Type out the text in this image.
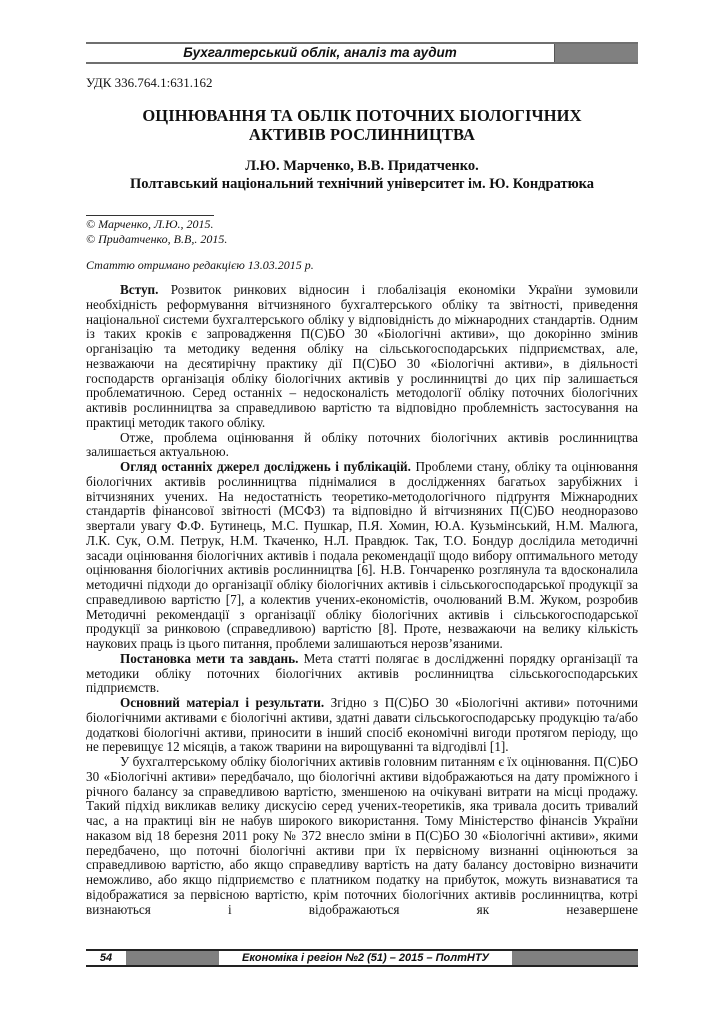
Бухгалтерський облік, аналіз та аудит
УДК 336.764.1:631.162
ОЦІНЮВАННЯ ТА ОБЛІК ПОТОЧНИХ БІОЛОГІЧНИХ
АКТИВІВ РОСЛИННИЦТВА
Л.Ю. Марченко, В.В. Придатченко.
Полтавський національний технічний університет ім. Ю. Кондратюка
© Марченко, Л.Ю., 2015.
© Придатченко, В.В,. 2015.
Статтю отримано редакцією 13.03.2015 р.

Вступ. Розвиток ринкових відносин і глобалізація економіки України зумовили необхідність реформування вітчизняного бухгалтерського обліку та звітності, приведення національної системи бухгалтерського обліку у відповідність до міжнародних стандартів. Одним із таких кроків є запровадження П(С)БО 30 «Біологічні активи», що докорінно змінив організацію та методику ведення обліку на сільськогосподарських підприємствах, але, незважаючи на десятирічну практику дії П(С)БО 30 «Біологічні активи», в діяльності господарств організація обліку біологічних активів у рослинництві до цих пір залишається проблематичною. Серед останніх – недосконалість методології обліку поточних біологічних активів рослинництва за справедливою вартістю та відповідно проблемність застосування на практиці методик такого обліку.

Отже, проблема оцінювання й обліку поточних біологічних активів рослинництва залишається актуальною.

Огляд останніх джерел досліджень і публікацій. Проблеми стану, обліку та оцінювання біологічних активів рослинництва піднімалися в дослідженнях багатьох зарубіжних і вітчизняних учених. На недостатність теоретико-методологічного підґрунтя Міжнародних стандартів фінансової звітності (МСФЗ) та відповідно й вітчизняних П(С)БО неодноразово звертали увагу Ф.Ф. Бутинець, М.С. Пушкар, П.Я. Хомин, Ю.А. Кузьмінський, Н.М. Малюга, Л.К. Сук, О.М. Петрук, Н.М. Ткаченко, Н.Л. Правдюк. Так, Т.О. Бондур дослідила методичні засади оцінювання біологічних активів і подала рекомендації щодо вибору оптимального методу оцінювання біологічних активів рослинництва [6]. Н.В. Гончаренко розглянула та вдосконалила методичні підходи до організації обліку біологічних активів і сільськогосподарської продукції за справедливою вартістю [7], а колектив учених-економістів, очолюваний В.М. Жуком, розробив Методичні рекомендації з організації обліку біологічних активів і сільськогосподарської продукції за ринковою (справедливою) вартістю [8]. Проте, незважаючи на велику кількість наукових праць із цього питання, проблеми залишаються нерозв’язаними.

Постановка мети та завдань. Мета статті полягає в дослідженні порядку організації та методики обліку поточних біологічних активів рослинництва сільськогосподарських підприємств.

Основний матеріал і результати. Згідно з П(С)БО 30 «Біологічні активи» поточними біологічними активами є біологічні активи, здатні давати сільськогосподарську продукцію та/або додаткові біологічні активи, приносити в інший спосіб економічні вигоди протягом періоду, що не перевищує 12 місяців, а також тварини на вирощуванні та відгодівлі [1].

У бухгалтерському обліку біологічних активів головним питанням є їх оцінювання. П(С)БО 30 «Біологічні активи» передбачало, що біологічні активи відображаються на дату проміжного і річного балансу за справедливою вартістю, зменшеною на очікувані витрати на місці продажу. Такий підхід викликав велику дискусію серед учених-теоретиків, яка тривала досить тривалий час, а на практиці він не набув широкого використання. Тому Міністерство фінансів України наказом від 18 березня 2011 року № 372 внесло зміни в П(С)БО 30 «Біологічні активи», якими передбачено, що поточні біологічні активи при їх первісному визнанні оцінюються за справедливою вартістю, або якщо справедливу вартість на дату балансу достовірно визначити неможливо, або якщо підприємство є платником податку на прибуток, можуть визнаватися та відображатися за первісною вартістю, крім поточних біологічних активів рослинництва, котрі визнаються і відображаються як незавершене

54	Економіка і регіон №2 (51) – 2015 – ПолтНТУ
